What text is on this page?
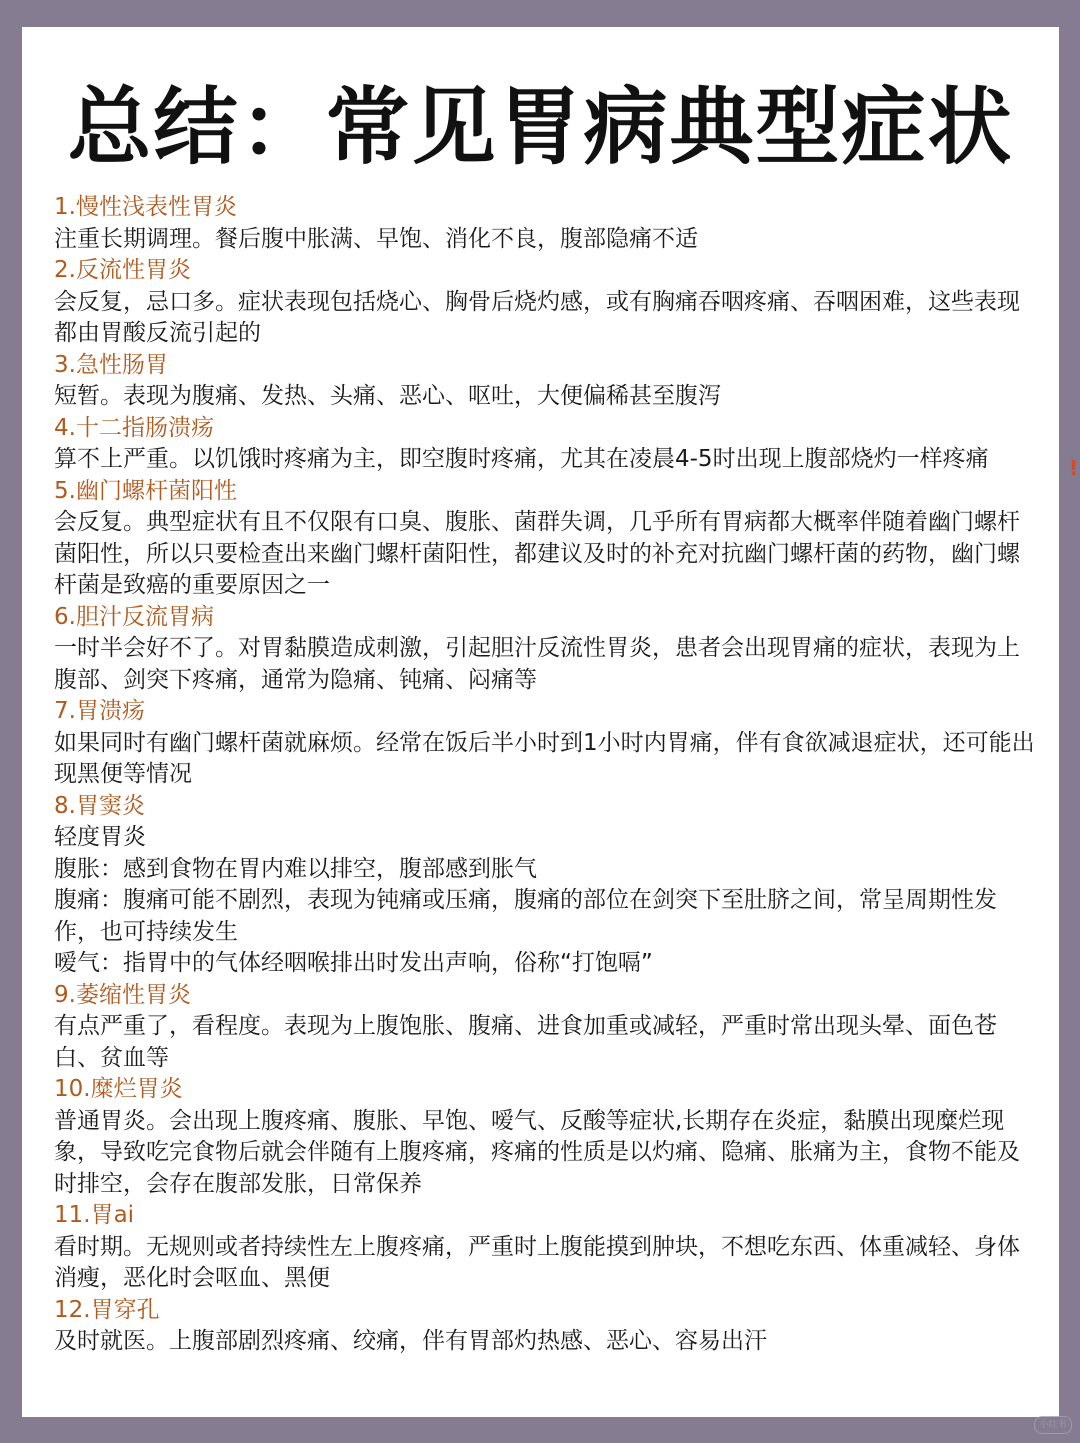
总结：常见胃病典型症状
1.慢性浅表性胃炎
注重长期调理。餐后腹中胀满、早饱、消化不良，腹部隐痛不适
2.反流性胃炎
会反复，忌口多。症状表现包括烧心、胸骨后烧灼感，或有胸痛吞咽疼痛、吞咽困难，这些表现都由胃酸反流引起的
3.急性肠胃
短暂。表现为腹痛、发热、头痛、恶心、呕吐，大便偏稀甚至腹泻
4.十二指肠溃疡
算不上严重。以饥饿时疼痛为主，即空腹时疼痛，尤其在凌晨4-5时出现上腹部烧灼一样疼痛
5.幽门螺杆菌阳性
会反复。典型症状有且不仅限有口臭、腹胀、菌群失调，几乎所有胃病都大概率伴随着幽门螺杆菌阳性，所以只要检查出来幽门螺杆菌阳性，都建议及时的补充对抗幽门螺杆菌的药物，幽门螺杆菌是致癌的重要原因之一
6.胆汁反流胃病
一时半会好不了。对胃黏膜造成刺激，引起胆汁反流性胃炎，患者会出现胃痛的症状，表现为上腹部、剑突下疼痛，通常为隐痛、钝痛、闷痛等
7.胃溃疡
如果同时有幽门螺杆菌就麻烦。经常在饭后半小时到1小时内胃痛，伴有食欲减退症状，还可能出现黑便等情况
8.胃窦炎
轻度胃炎
腹胀：感到食物在胃内难以排空，腹部感到胀气
腹痛：腹痛可能不剧烈，表现为钝痛或压痛，腹痛的部位在剑突下至肚脐之间，常呈周期性发作，也可持续发生
嗳气：指胃中的气体经咽喉排出时发出声响，俗称“打饱嗝”
9.萎缩性胃炎
有点严重了，看程度。表现为上腹饱胀、腹痛、进食加重或减轻，严重时常出现头晕、面色苍白、贫血等
10.糜烂胃炎
普通胃炎。会出现上腹疼痛、腹胀、早饱、嗳气、反酸等症状,长期存在炎症，黏膜出现糜烂现象，导致吃完食物后就会伴随有上腹疼痛，疼痛的性质是以灼痛、隐痛、胀痛为主，食物不能及时排空，会存在腹部发胀，日常保养
11.胃ai
看时期。无规则或者持续性左上腹疼痛，严重时上腹能摸到肿块，不想吃东西、体重减轻、身体消瘦，恶化时会呕血、黑便
12.胃穿孔
及时就医。上腹部剧烈疼痛、绞痛，伴有胃部灼热感、恶心、容易出汗
!
小红书
